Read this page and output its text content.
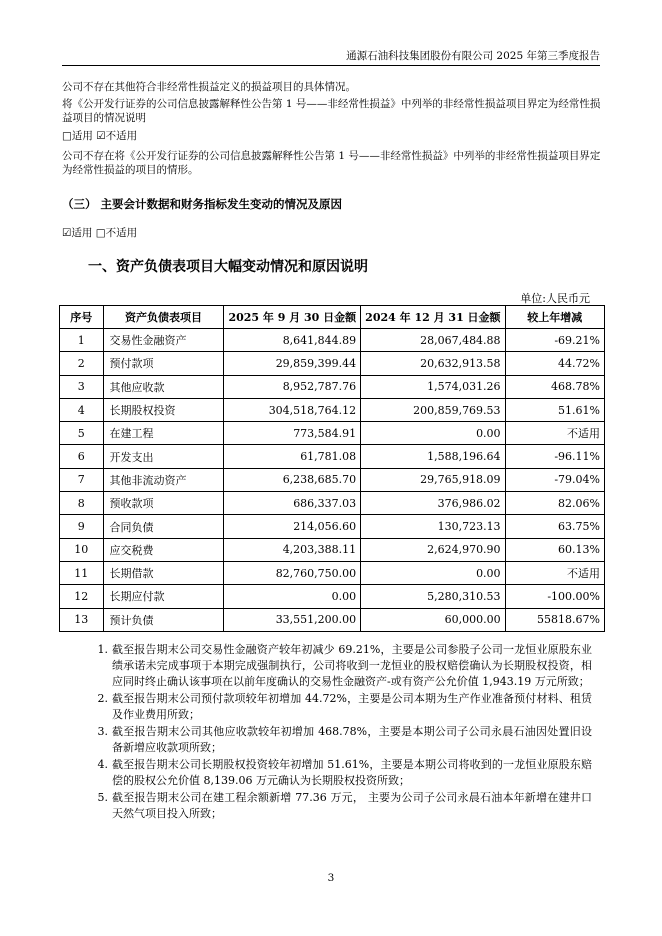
通源石油科技集团股份有限公司 2025 年第三季度报告
公司不存在其他符合非经常性损益定义的损益项目的具体情况。
将《公开发行证券的公司信息披露解释性公告第 1 号——非经常性损益》中列举的非经常性损益项目界定为经常性损益项目的情况说明
□适用 ☑不适用
公司不存在将《公开发行证券的公司信息披露解释性公告第 1 号——非经常性损益》中列举的非经常性损益项目界定为经常性损益的项目的情形。
（三） 主要会计数据和财务指标发生变动的情况及原因
☑适用 □不适用
一、资产负债表项目大幅变动情况和原因说明
单位:人民币元
序号	资产负债表项目	2025 年 9 月 30 日金额	2024 年 12 月 31 日金额	较上年增减
1	交易性金融资产	8,641,844.89	28,067,484.88	-69.21%
2	预付款项	29,859,399.44	20,632,913.58	44.72%
3	其他应收款	8,952,787.76	1,574,031.26	468.78%
4	长期股权投资	304,518,764.12	200,859,769.53	51.61%
5	在建工程	773,584.91	0.00	不适用
6	开发支出	61,781.08	1,588,196.64	-96.11%
7	其他非流动资产	6,238,685.70	29,765,918.09	-79.04%
8	预收款项	686,337.03	376,986.02	82.06%
9	合同负债	214,056.60	130,723.13	63.75%
10	应交税费	4,203,388.11	2,624,970.90	60.13%
11	长期借款	82,760,750.00	0.00	不适用
12	长期应付款	0.00	5,280,310.53	-100.00%
13	预计负债	33,551,200.00	60,000.00	55818.67%
1. 截至报告期末公司交易性金融资产较年初减少 69.21%，主要是公司参股子公司一龙恒业原股东业绩承诺未完成事项于本期完成强制执行，公司将收到一龙恒业的股权赔偿确认为长期股权投资，相应同时终止确认该事项在以前年度确认的交易性金融资产-或有资产公允价值 1,943.19 万元所致；
2. 截至报告期末公司预付款项较年初增加 44.72%，主要是公司本期为生产作业准备预付材料、租赁及作业费用所致；
3. 截至报告期末公司其他应收款较年初增加 468.78%，主要是本期公司子公司永晨石油因处置旧设备新增应收款项所致；
4. 截至报告期末公司长期股权投资较年初增加 51.61%，主要是本期公司将收到的一龙恒业原股东赔偿的股权公允价值 8,139.06 万元确认为长期股权投资所致；
5. 截至报告期末公司在建工程余额新增 77.36 万元， 主要为公司子公司永晨石油本年新增在建井口天然气项目投入所致；
3
